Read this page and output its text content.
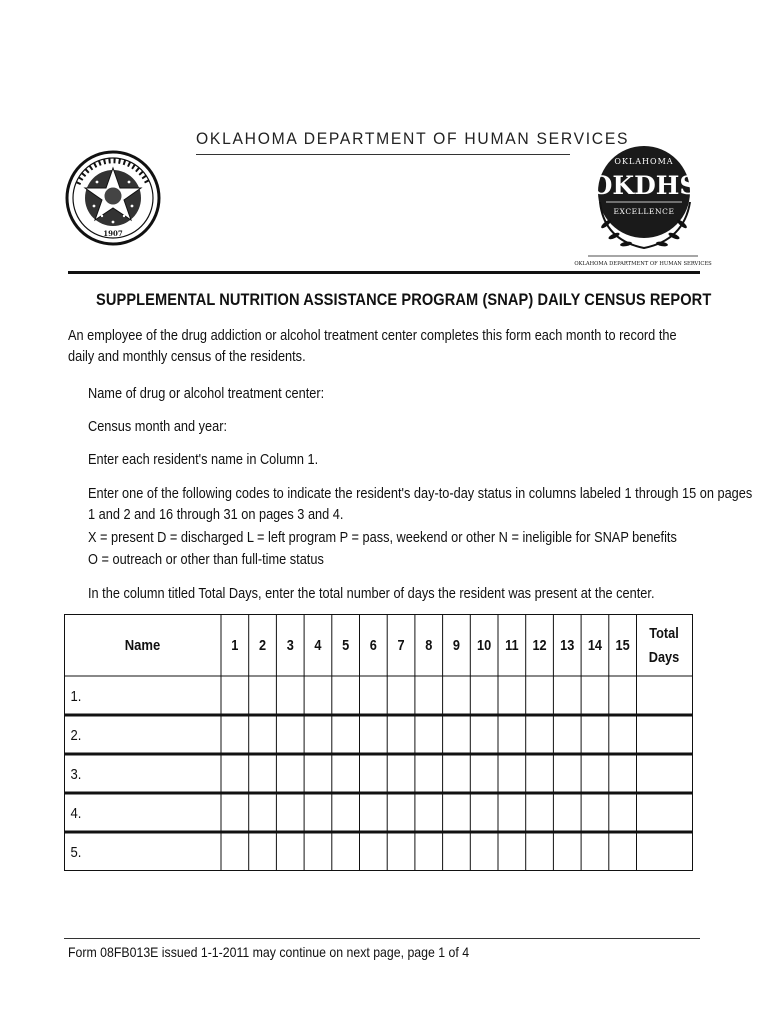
1907
OKLAHOMA DEPARTMENT OF HUMAN SERVICES
OKLAHOMA
OKDHS
EXCELLENCE
OKLAHOMA DEPARTMENT OF HUMAN SERVICES
SUPPLEMENTAL NUTRITION ASSISTANCE PROGRAM (SNAP) DAILY CENSUS REPORT
An employee of the drug addiction or alcohol treatment center completes this form each month to record the daily and monthly census of the residents.
Name of drug or alcohol treatment center:
Census month and year:
Enter each resident's name in Column 1.
Enter one of the following codes to indicate the resident's day-to-day status in columns labeled 1 through 15 on pages
1 and 2 and 16 through 31 on pages 3 and 4.
X = present D = discharged L = left program P = pass, weekend or other N = ineligible for SNAP benefits
O = outreach or other than full-time status
In the column titled Total Days, enter the total number of days the resident was present at the center.
Name	1 2 3 4 5 6 7 8 9 10 11 12 13 14 15
Total
Days
1.
2.
3.
4.
5.
Form 08FB013E issued 1-1-2011 may continue on next page, page 1 of 4
